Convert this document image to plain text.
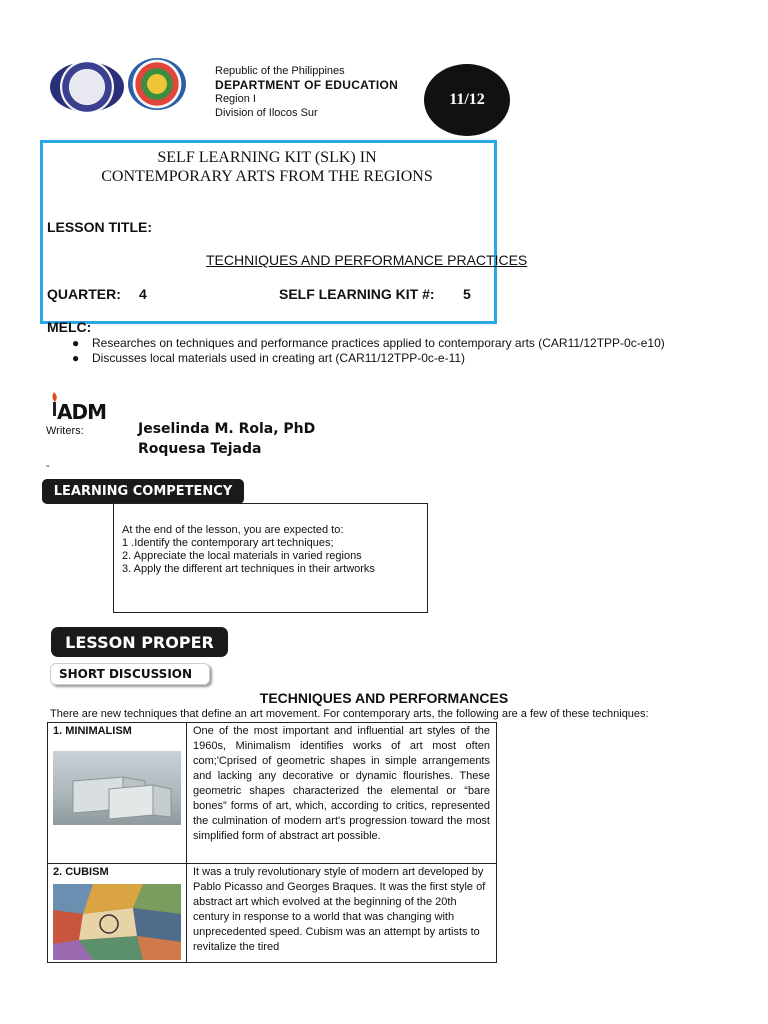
Republic of the Philippines
DEPARTMENT OF EDUCATION
Region I
Division of Ilocos Sur
11/12
SELF LEARNING KIT (SLK) IN
CONTEMPORARY ARTS FROM THE REGIONS
LESSON TITLE:
TECHNIQUES AND PERFORMANCE PRACTICES
QUARTER: 4	SELF LEARNING KIT #: 5
MELC:
● Researches on techniques and performance practices applied to contemporary arts (CAR11/12TPP-0c-e10)
● Discusses local materials used in creating art (CAR11/12TPP-0c-e-11)
ADM
Writers:	Jeselinda M. Rola, PhD
Roquesa Tejada
-
LEARNING COMPETENCY
At the end of the lesson, you are expected to:
1 .Identify the contemporary art techniques;
2. Appreciate the local materials in varied regions
3. Apply the different art techniques in their artworks
LESSON PROPER
SHORT DISCUSSION
TECHNIQUES AND PERFORMANCES
There are new techniques that define an art movement. For contemporary arts, the following are a few of these techniques:
1. MINIMALISM	One of the most important and influential art styles of the 1960s, Minimalism identifies works of art most often com;'Cprised of geometric shapes in simple arrangements and lacking any decorative or dynamic flourishes. These geometric shapes characterized the elemental or “bare bones” forms of art, which, according to critics, represented the culmination of modern art's progression toward the most simplified form of abstract art possible.

2. CUBISM	It was a truly revolutionary style of modern art developed by Pablo Picasso and Georges Braques. It was the first style of abstract art which evolved at the beginning of the 20th century in response to a world that was changing with unprecedented speed. Cubism was an attempt by artists to revitalize the tired
